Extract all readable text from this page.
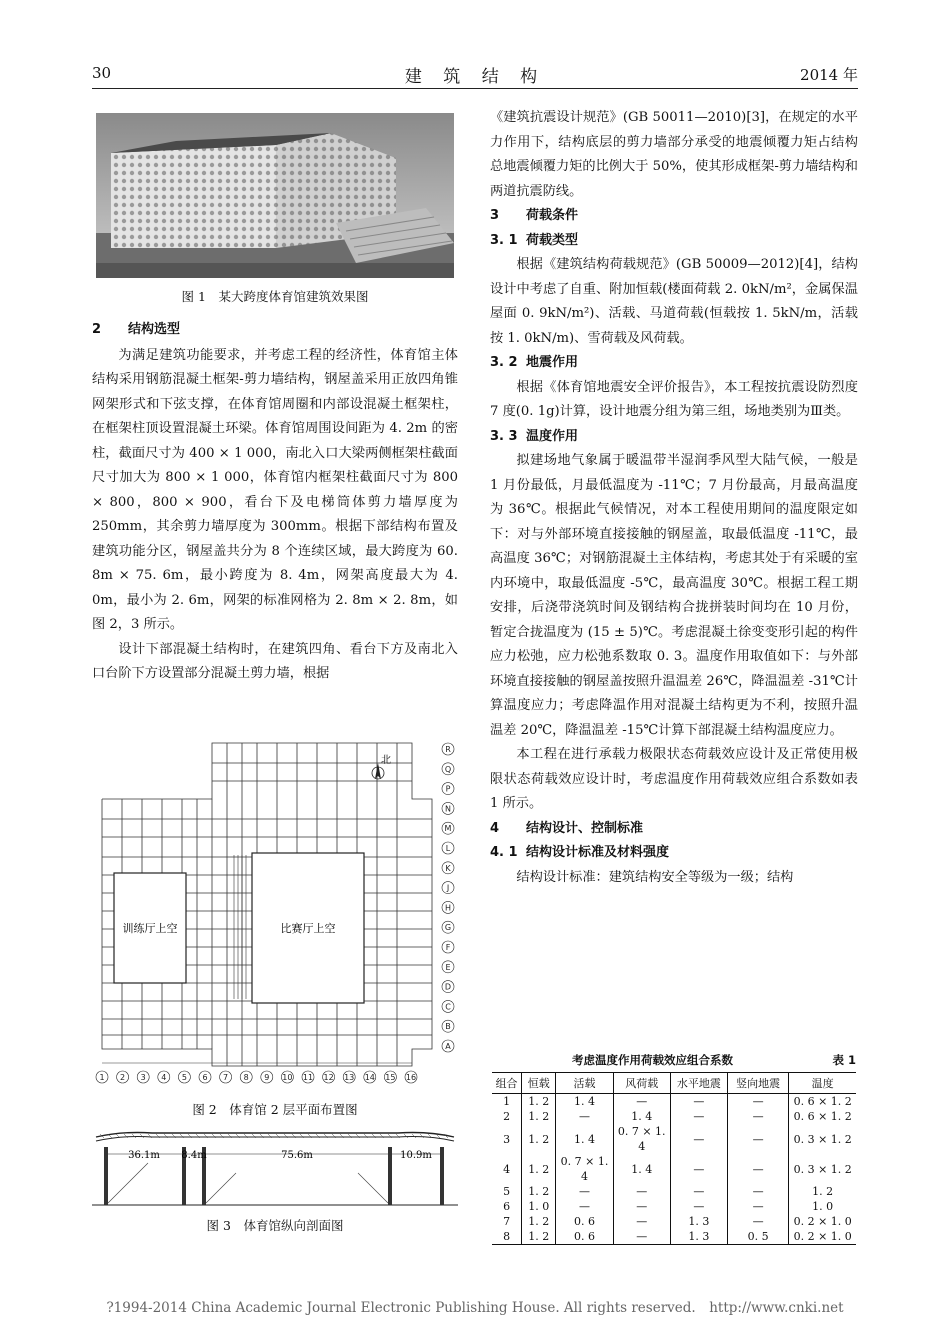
30	建 筑 结 构	2014 年
图 1　某大跨度体育馆建筑效果图

2 结构选型

为满足建筑功能要求，并考虑工程的经济性，体育馆主体结构采用钢筋混凝土框架-剪力墙结构，钢屋盖采用正放四角锥网架形式和下弦支撑，在体育馆周圈和内部设混凝土框架柱，在框架柱顶设置混凝土环梁。体育馆周围设间距为 4. 2m 的密柱，截面尺寸为 400 × 1 000，南北入口大梁两侧框架柱截面尺寸加大为 800 × 1 000，体育馆内框架柱截面尺寸为 800 × 800，800 × 900，看台下及电梯筒体剪力墙厚度为 250mm，其余剪力墙厚度为 300mm。根据下部结构布置及建筑功能分区，钢屋盖共分为 8 个连续区域，最大跨度为 60. 8m × 75. 6m，最小跨度为 8. 4m，网架高度最大为 4. 0m，最小为 2. 6m，网架的标准网格为 2. 8m × 2. 8m，如图 2，3 所示。

设计下部混凝土结构时，在建筑四角、看台下方及南北入口台阶下方设置部分混凝土剪力墙，根据

训练厅上空	比赛厅上空
北
1 2 3 4 5 6 7 8 9 10 11 12 13 14 15 16
R
Q
P
N
M
L
K
J
H
G
F
E
D
C
B
A
图 2　体育馆 2 层平面布置图
36.1m 8.4m	75.6m	10.9m
图 3　体育馆纵向剖面图

《建筑抗震设计规范》(GB 50011—2010)[3]，在规定的水平力作用下，结构底层的剪力墙部分承受的地震倾覆力矩占结构总地震倾覆力矩的比例大于 50%，使其形成框架-剪力墙结构和两道抗震防线。

3 荷载条件

3. 1 荷载类型

根据《建筑结构荷载规范》(GB 50009—2012)[4]，结构设计中考虑了自重、附加恒载(楼面荷载 2. 0kN/m²，金属保温屋面 0. 9kN/m²)、活载、马道荷载(恒载按 1. 5kN/m，活载按 1. 0kN/m)、雪荷载及风荷载。

3. 2 地震作用

根据《体育馆地震安全评价报告》，本工程按抗震设防烈度 7 度(0. 1g)计算，设计地震分组为第三组，场地类别为Ⅲ类。

3. 3 温度作用

拟建场地气象属于暖温带半湿润季风型大陆气候，一般是 1 月份最低，月最低温度为 -11℃；7 月份最高，月最高温度为 36℃。根据此气候情况，对本工程使用期间的温度限定如下：对与外部环境直接接触的钢屋盖，取最低温度 -11℃，最高温度 36℃；对钢筋混凝土主体结构，考虑其处于有采暖的室内环境中，取最低温度 -5℃，最高温度 30℃。根据工程工期安排，后浇带浇筑时间及钢结构合拢拼装时间均在 10 月份，暂定合拢温度为 (15 ± 5)℃。考虑混凝土徐变变形引起的构件应力松弛，应力松弛系数取 0. 3。温度作用取值如下：与外部环境直接接触的钢屋盖按照升温温差 26℃，降温温差 -31℃计算温度应力；考虑降温作用对混凝土结构更为不利，按照升温温差 20℃，降温温差 -15℃计算下部混凝土结构温度应力。

本工程在进行承载力极限状态荷载效应设计及正常使用极限状态荷载效应设计时，考虑温度作用荷载效应组合系数如表 1 所示。

4 结构设计、控制标准

4. 1 结构设计标准及材料强度

结构设计标准：建筑结构安全等级为一级；结构

考虑温度作用荷载效应组合系数	表 1
组合	恒载	活载	风荷载	水平地震	竖向地震	温度
1	1. 2	1. 4	—	—	—	0. 6 × 1. 2
2	1. 2	—	1. 4	—	—	0. 6 × 1. 2
3	1. 2	1. 4	0. 7 × 1. 4	—	—	0. 3 × 1. 2
4	1. 2	0. 7 × 1. 4	1. 4	—	—	0. 3 × 1. 2
5	1. 2	—	—	—	—	1. 2
6	1. 0	—	—	—	—	1. 0
7	1. 2	0. 6	—	1. 3	—	0. 2 × 1. 0
8	1. 2	0. 6	—	1. 3	0. 5	0. 2 × 1. 0
?1994-2014 China Academic Journal Electronic Publishing House. All rights reserved.　http://www.cnki.net
